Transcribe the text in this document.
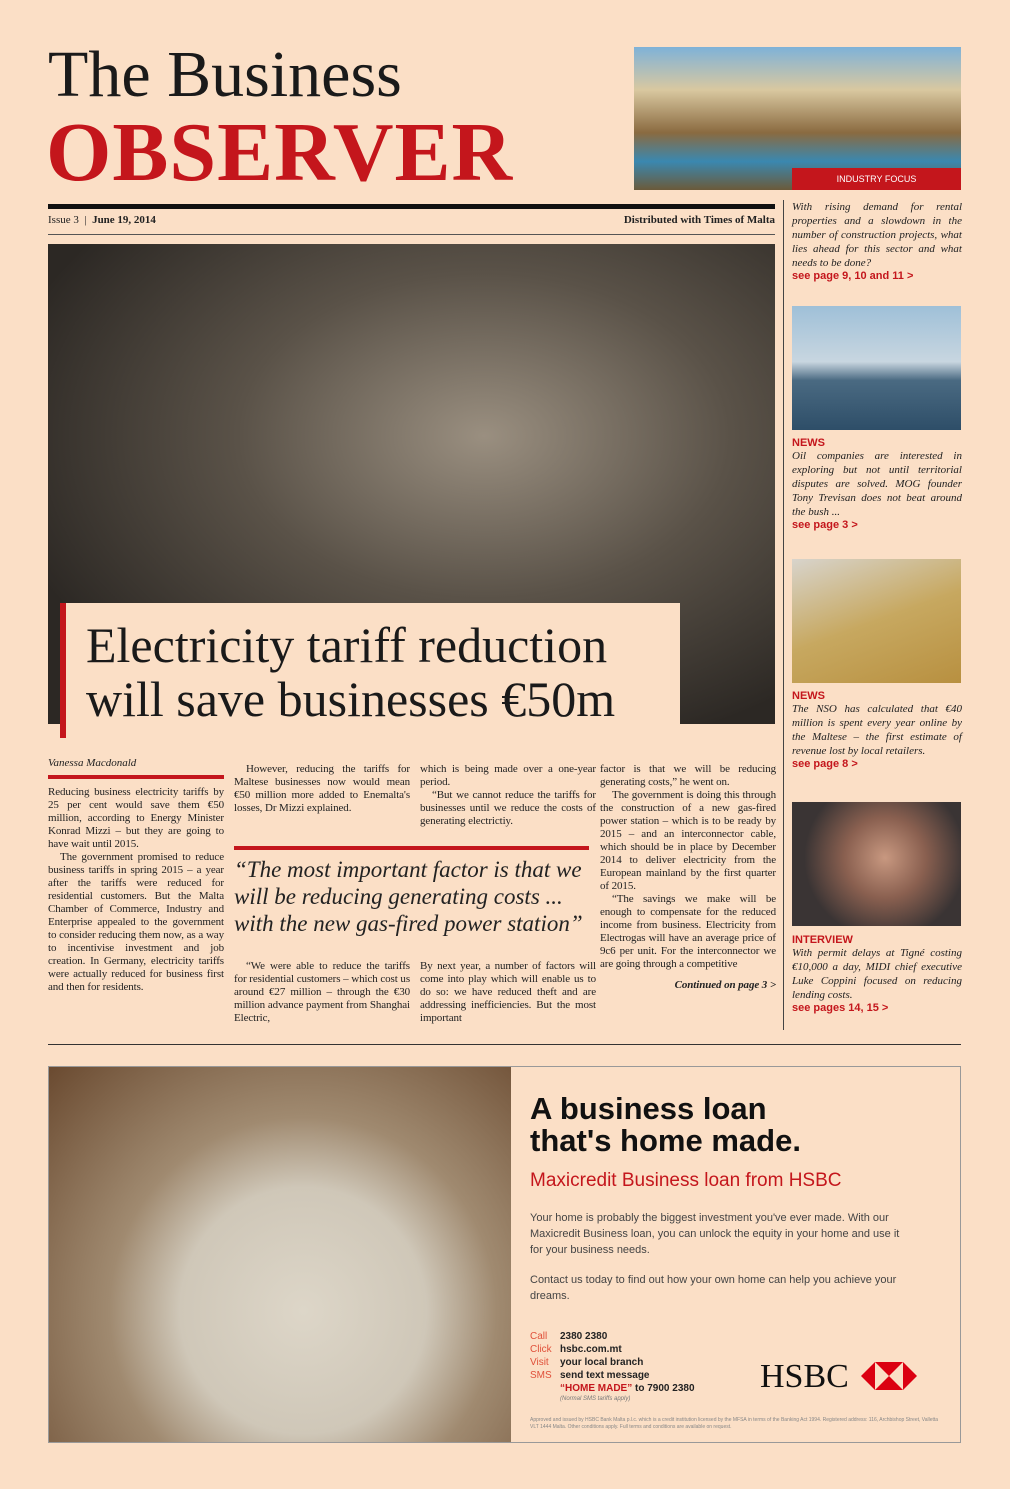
The Business
OBSERVER	INDUSTRY FOCUS
With rising demand for rental properties and a slowdown in the number of construction projects, what lies ahead for this sector and what needs to be done?
see page 9, 10 and 11 >
Issue 3 | June 19, 2014	Distributed with Times of Malta
Electricity tariff reduction
will save businesses €50m
Vanessa Macdonald

Reducing business electricity tariffs by 25 per cent would save them €50 million, according to Energy Minister Konrad Mizzi – but they are going to have wait until 2015.

The government promised to reduce business tariffs in spring 2015 – a year after the tariffs were reduced for residential customers. But the Malta Chamber of Commerce, Industry and Enterprise appealed to the government to consider reducing them now, as a way to incentivise investment and job creation. In Germany, electricity tariffs were actually reduced for business first and then for residents.

However, reducing the tariffs for Maltese businesses now would mean €50 million more added to Enemalta's losses, Dr Mizzi explained.

which is being made over a one-year period.

“But we cannot reduce the tariffs for businesses until we reduce the costs of generating electrictiy.

“The most important factor is that we will be reducing generating costs ... with the new gas-fired power station”

“We were able to reduce the tariffs for residential customers – which cost us around €27 million – through the €30 million advance payment from Shanghai Electric,

By next year, a number of factors will come into play which will enable us to do so: we have reduced theft and are addressing inefficiencies. But the most important

factor is that we will be reducing generating costs,” he went on.

The government is doing this through the construction of a new gas-fired power station – which is to be ready by 2015 – and an interconnector cable, which should be in place by December 2014 to deliver electricity from the European mainland by the first quarter of 2015.

“The savings we make will be enough to compensate for the reduced income from business. Electricity from Electrogas will have an average price of 9c6 per unit. For the interconnector we are going through a competitive

Continued on page 3 >
NEWS
Oil companies are interested in exploring but not until territorial disputes are solved. MOG founder Tony Trevisan does not beat around the bush ...
see page 3 >
NEWS
The NSO has calculated that €40 million is spent every year online by the Maltese – the first estimate of revenue lost by local retailers.
see page 8 >
INTERVIEW
With permit delays at Tigné costing €10,000 a day, MIDI chief executive Luke Coppini focused on reducing lending costs.
see pages 14, 15 >
A business loan
that's home made.
Maxicredit Business loan from HSBC
Your home is probably the biggest investment you've ever made. With our Maxicredit Business loan, you can unlock the equity in your home and use it for your business needs.
Contact us today to find out how your own home can help you achieve your dreams.
Call 2380 2380
Click hsbc.com.mt
Visit your local branch
SMS send text message
“HOME MADE” to 7900 2380
(Normal SMS tariffs apply)
HSBC
Approved and issued by HSBC Bank Malta p.l.c. which is a credit institution licensed by the MFSA in terms of the Banking Act 1994. Registered address: 116, Archbishop Street, Valletta VLT 1444 Malta. Other conditions apply. Full terms and conditions are available on request.
